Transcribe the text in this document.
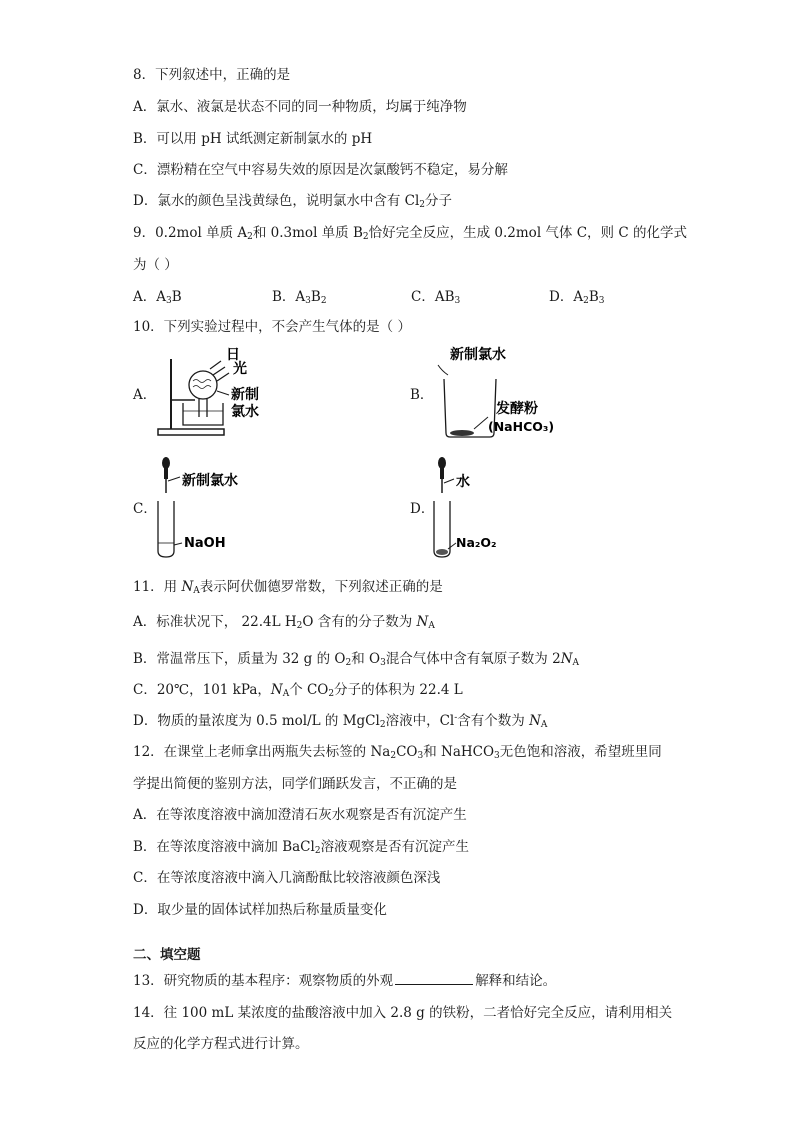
8．下列叙述中，正确的是
A．氯水、液氯是状态不同的同一种物质，均属于纯净物
B．可以用 pH 试纸测定新制氯水的 pH
C．漂粉精在空气中容易失效的原因是次氯酸钙不稳定，易分解
D．氯水的颜色呈浅黄绿色，说明氯水中含有 $Cl_2$分子
9．0.2mol 单质 $A_2$和 0.3mol 单质 $B_2$恰好完全反应，生成 0.2mol 气体 C，则 C 的化学式
为（ ）
A．$A_3B$	B．$A_3B_2$	C．$AB_3$	D．$A_2B_3$
10．下列实验过程中，不会产生气体的是（ ）
A．	B．
C．	D．
日
光
新制
氯水
新制氯水
发酵粉
(NaHCO₃)
新制氯水
NaOH
水
Na₂O₂
11．用 $N_A$表示阿伏伽德罗常数，下列叙述正确的是
A．标准状况下， 22.4L $H_2O$ 含有的分子数为 $N_A$
B．常温常压下，质量为 32 g 的 $O_2$和 $O_3$混合气体中含有氧原子数为 $2N_A$
C．20℃，101 kPa，$N_A$个 $CO_2$分子的体积为 22.4 L
D．物质的量浓度为 0.5 mol/L 的 MgCl$_2$溶液中，Cl-含有个数为 $N_A$
12．在课堂上老师拿出两瓶失去标签的 $Na_2CO_3$和 NaHCO$_3$无色饱和溶液，希望班里同
学提出简便的鉴别方法，同学们踊跃发言，不正确的是
A．在等浓度溶液中滴加澄清石灰水观察是否有沉淀产生
B．在等浓度溶液中滴加 BaCl$_2$溶液观察是否有沉淀产生
C．在等浓度溶液中滴入几滴酚酞比较溶液颜色深浅
D．取少量的固体试样加热后称量质量变化
二、填空题
13．研究物质的基本程序：观察物质的外观	解释和结论。
14．往 100 mL 某浓度的盐酸溶液中加入 2.8 g 的铁粉，二者恰好完全反应，请利用相关
反应的化学方程式进行计算。
